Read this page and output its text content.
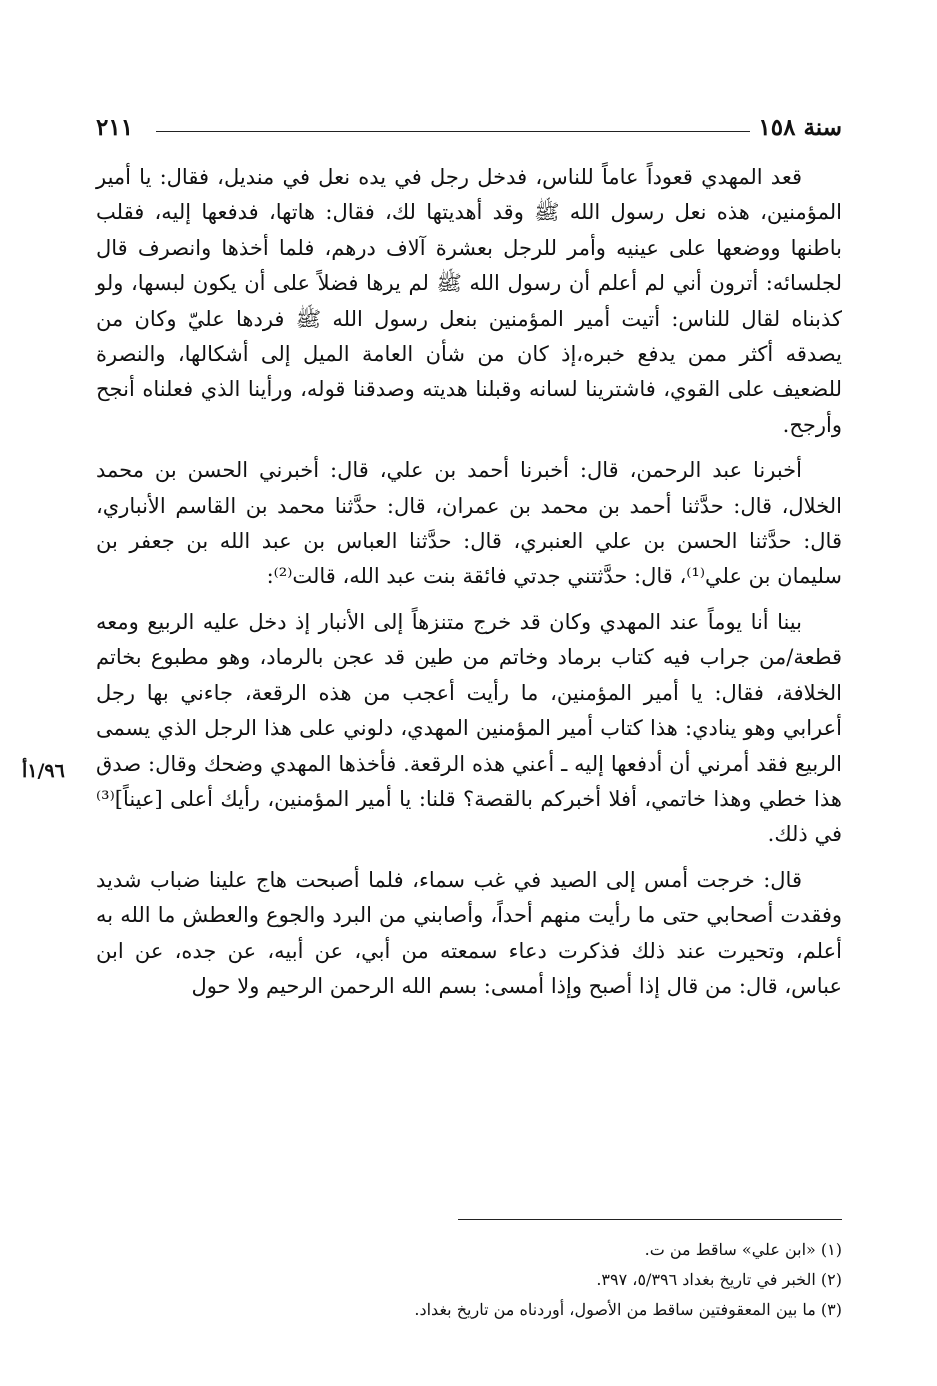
سنة ١٥٨
٢١١
١/٩٦أ

قعد المهدي قعوداً عاماً للناس، فدخل رجل في يده نعل في منديل، فقال: يا أمير المؤمنين، هذه نعل رسول الله ﷺ وقد أهديتها لك، فقال: هاتها، فدفعها إليه، فقلب باطنها ووضعها على عينيه وأمر للرجل بعشرة آلاف درهم، فلما أخذها وانصرف قال لجلسائه: أترون أني لم أعلم أن رسول الله ﷺ لم يرها فضلاً على أن يكون لبسها، ولو كذبناه لقال للناس: أتيت أمير المؤمنين بنعل رسول الله ﷺ فردها عليّ وكان من يصدقه أكثر ممن يدفع خبره،إذ كان من شأن العامة الميل إلى أشكالها، والنصرة للضعيف على القوي، فاشترينا لسانه وقبلنا هديته وصدقنا قوله، ورأينا الذي فعلناه أنجح وأرجح.

أخبرنا عبد الرحمن، قال: أخبرنا أحمد بن علي، قال: أخبرني الحسن بن محمد الخلال، قال: حدَّثنا أحمد بن محمد بن عمران، قال: حدَّثنا محمد بن القاسم الأنباري، قال: حدَّثنا الحسن بن علي العنبري، قال: حدَّثنا العباس بن عبد الله بن جعفر بن سليمان بن علي⁽¹⁾، قال: حدَّثتني جدتي فائقة بنت عبد الله، قالت⁽²⁾:

بينا أنا يوماً عند المهدي وكان قد خرج متنزهاً إلى الأنبار إذ دخل عليه الربيع ومعه قطعة/من جراب فيه كتاب برماد وخاتم من طين قد عجن بالرماد، وهو مطبوع بخاتم الخلافة، فقال: يا أمير المؤمنين، ما رأيت أعجب من هذه الرقعة، جاءني بها رجل أعرابي وهو ينادي: هذا كتاب أمير المؤمنين المهدي، دلوني على هذا الرجل الذي يسمى الربيع فقد أمرني أن أدفعها إليه ـ أعني هذه الرقعة. فأخذها المهدي وضحك وقال: صدق هذا خطي وهذا خاتمي، أفلا أخبركم بالقصة؟ قلنا: يا أمير المؤمنين، رأيك أعلى [عيناً]⁽³⁾ في ذلك.

قال: خرجت أمس إلى الصيد في غب سماء، فلما أصبحت هاج علينا ضباب شديد وفقدت أصحابي حتى ما رأيت منهم أحداً، وأصابني من البرد والجوع والعطش ما الله به أعلم، وتحيرت عند ذلك فذكرت دعاء سمعته من أبي، عن أبيه، عن جده، عن ابن عباس، قال: من قال إذا أصبح وإذا أمسى: بسم الله الرحمن الرحيم ولا حول

(١) «ابن علي» ساقط من ت.

(٢) الخبر في تاريخ بغداد ٥/٣٩٦، ٣٩٧.

(٣) ما بين المعقوفتين ساقط من الأصول، أوردناه من تاريخ بغداد.
